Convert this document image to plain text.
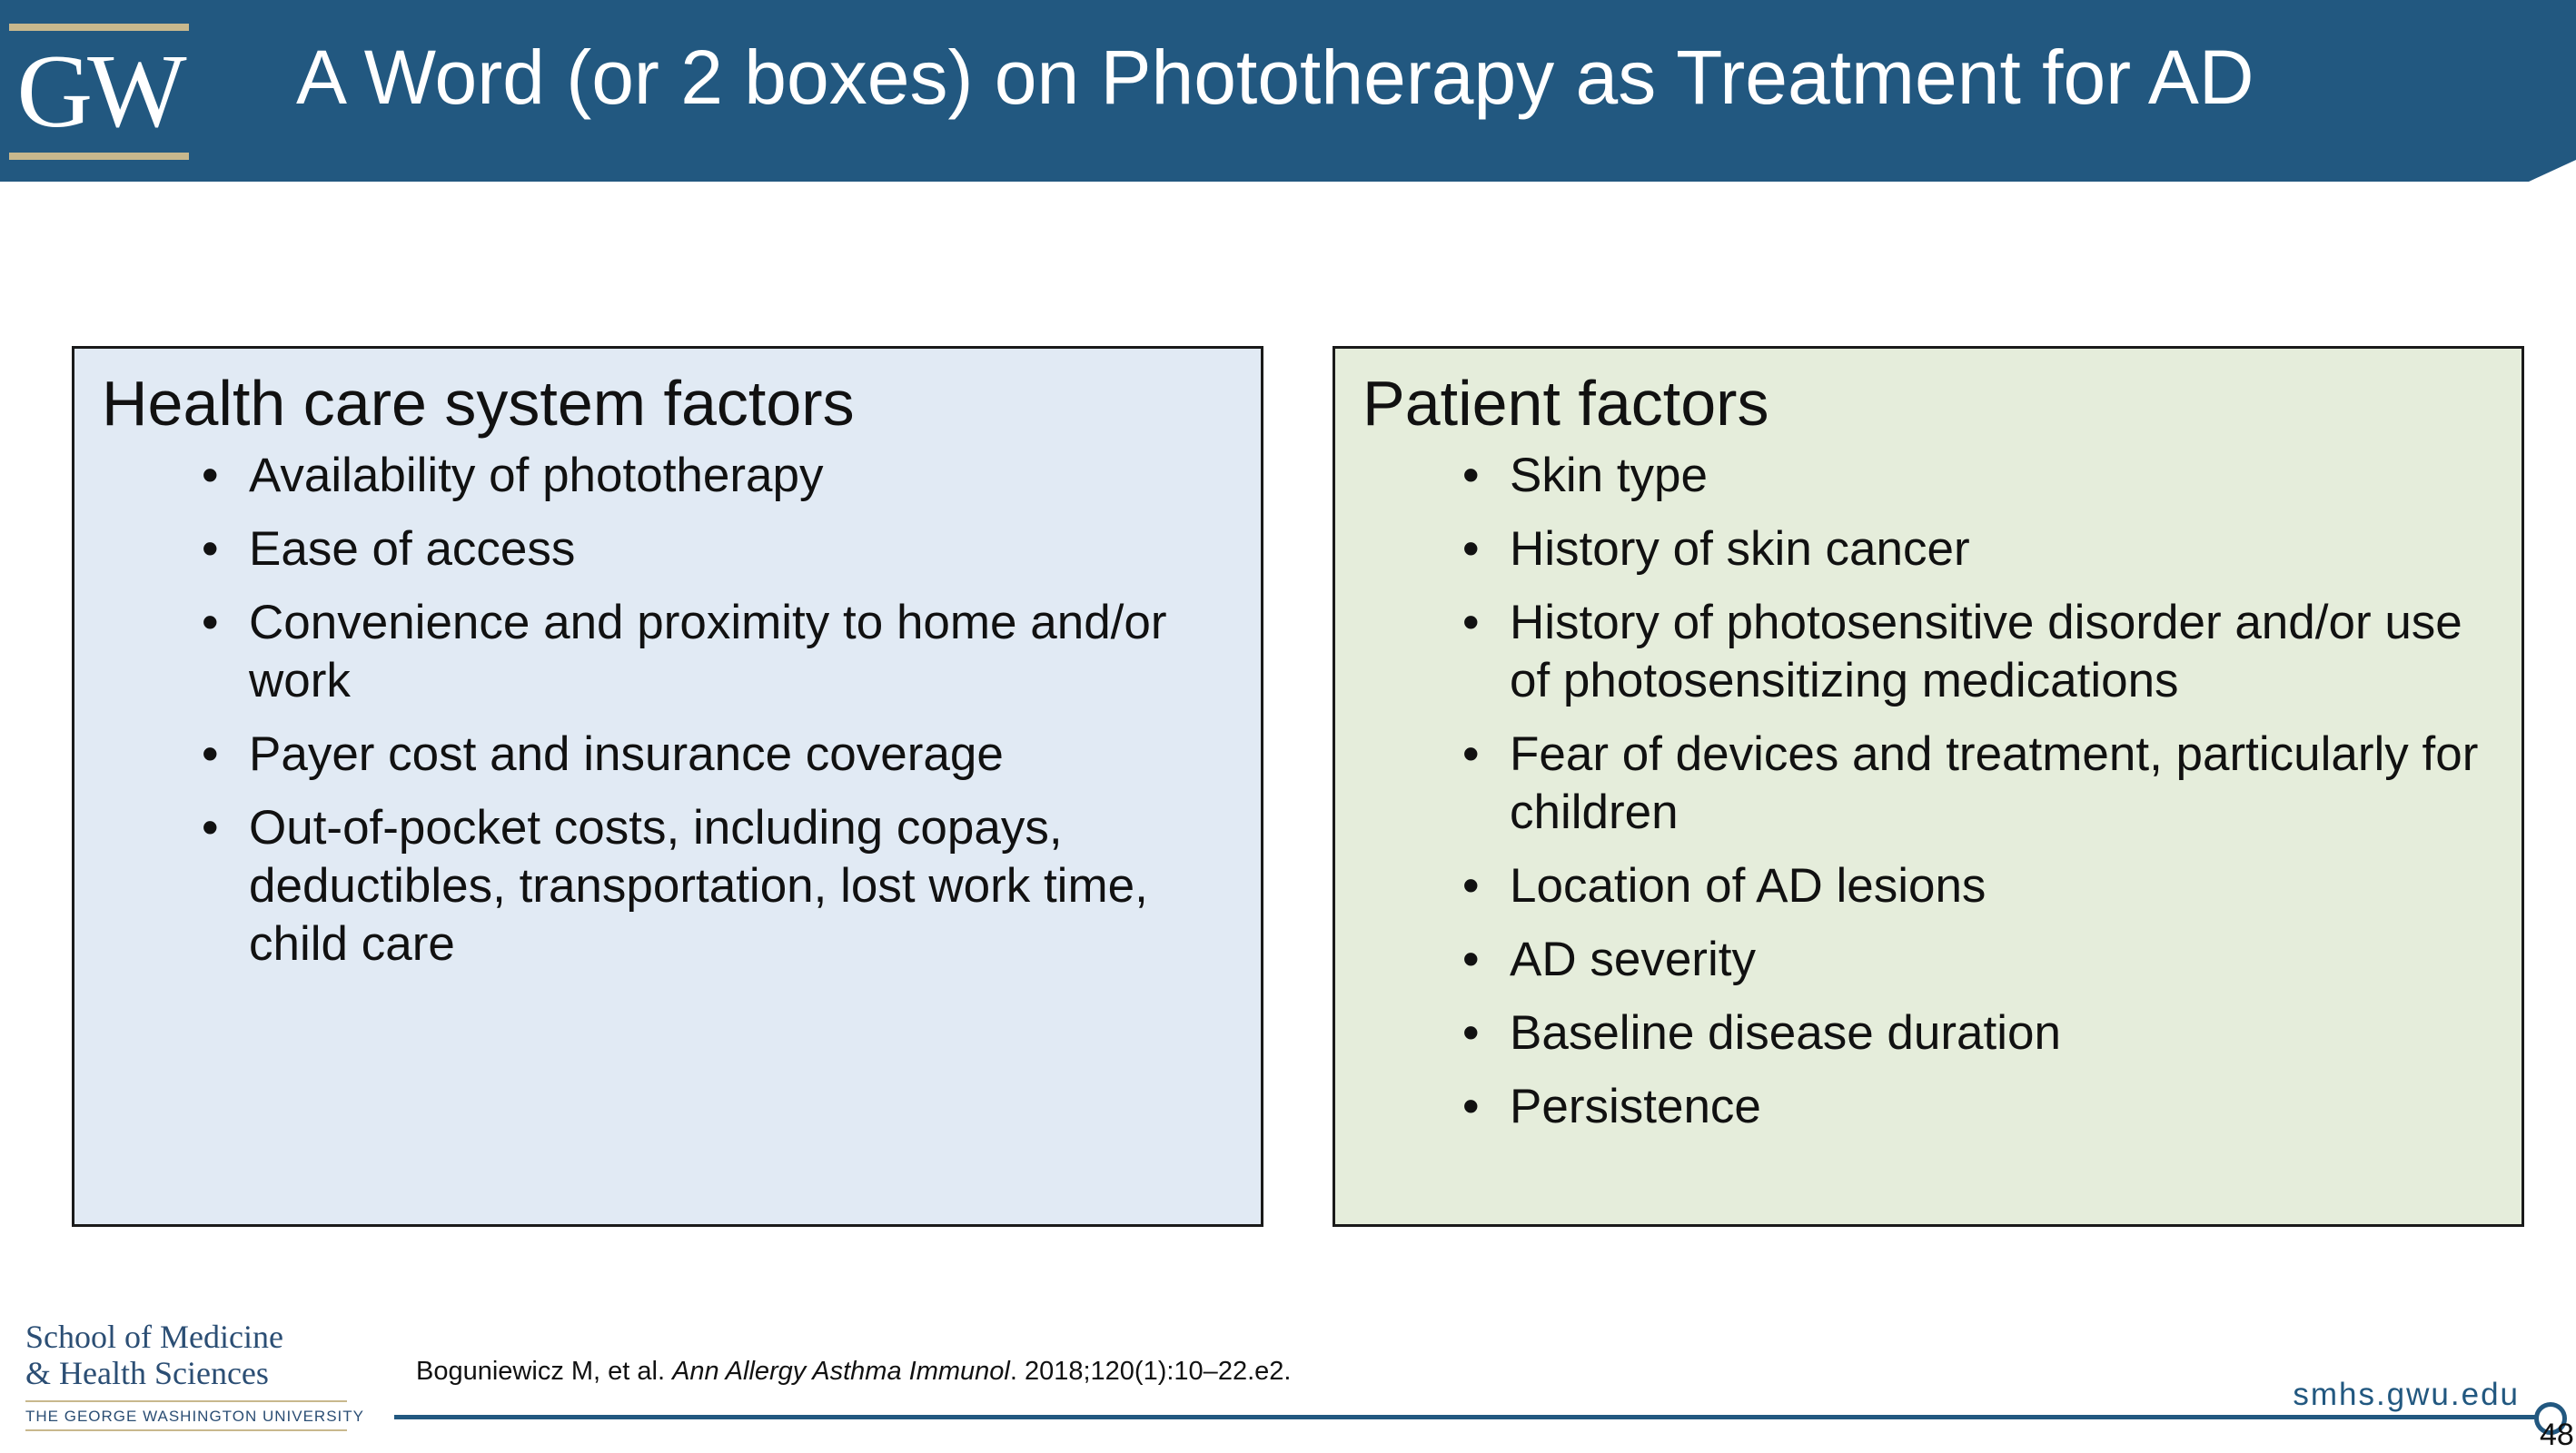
GW A Word (or 2 boxes) on Phototherapy as Treatment for AD
Health care system factors
• Availability of phototherapy
• Ease of access
• Convenience and proximity to home and/or work
• Payer cost and insurance coverage
• Out-of-pocket costs, including copays, deductibles, transportation, lost work time, child care
Patient factors
• Skin type
• History of skin cancer
• History of photosensitive disorder and/or use of photosensitizing medications
• Fear of devices and treatment, particularly for children
• Location of AD lesions
• AD severity
• Baseline disease duration
• Persistence
School of Medicine
& Health Sciences
THE GEORGE WASHINGTON UNIVERSITY
Boguniewicz M, et al. Ann Allergy Asthma Immunol. 2018;120(1):10–22.e2.
smhs.gwu.edu
48
